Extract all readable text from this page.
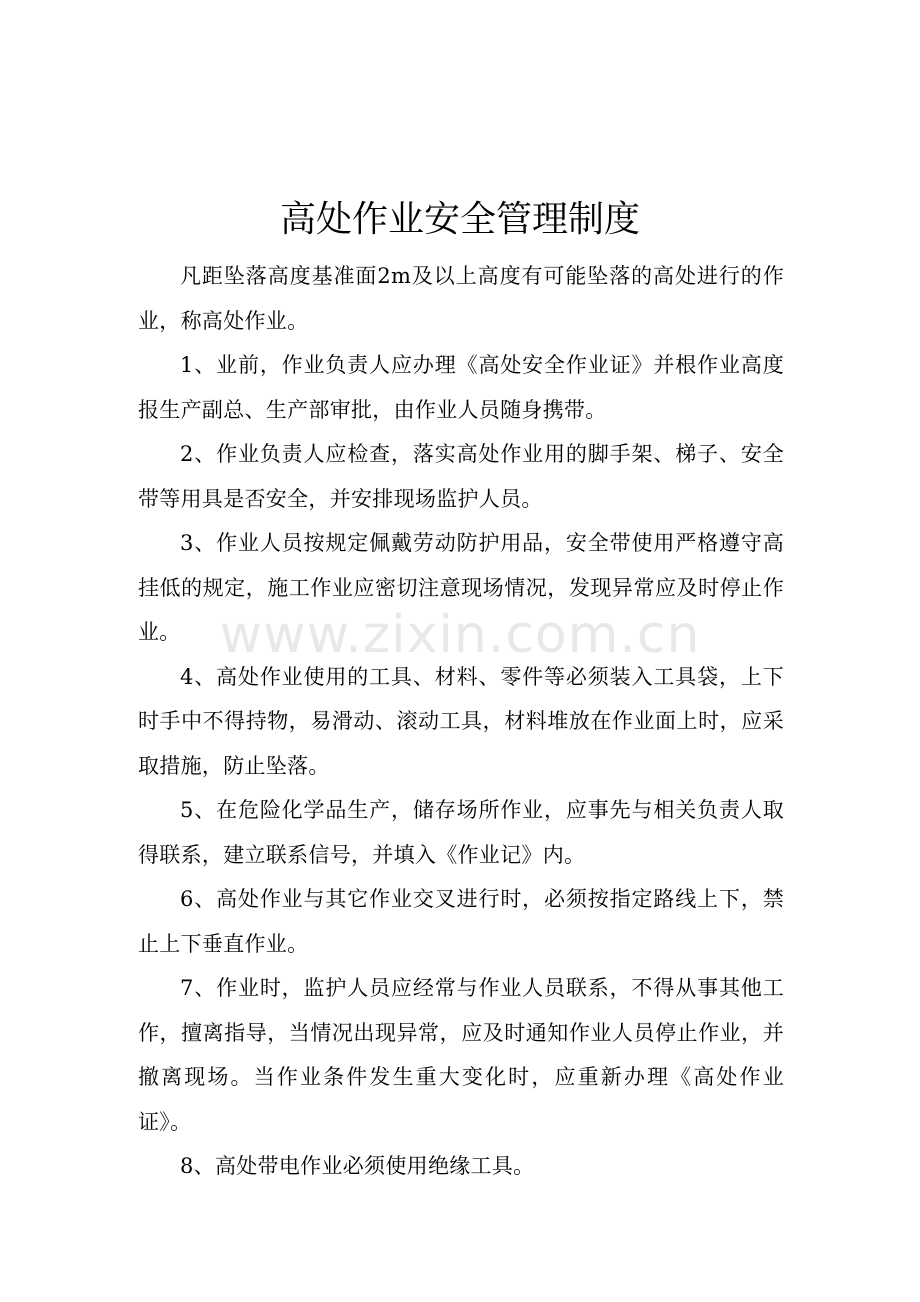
高处作业安全管理制度

凡距坠落高度基准面2m及以上高度有可能坠落的高处进行的作业，称高处作业。

1、业前，作业负责人应办理《高处安全作业证》并根作业高度报生产副总、生产部审批，由作业人员随身携带。

2、作业负责人应检查，落实高处作业用的脚手架、梯子、安全带等用具是否安全，并安排现场监护人员。

3、作业人员按规定佩戴劳动防护用品，安全带使用严格遵守高挂低的规定，施工作业应密切注意现场情况，发现异常应及时停止作业。

4、高处作业使用的工具、材料、零件等必须装入工具袋，上下时手中不得持物，易滑动、滚动工具，材料堆放在作业面上时，应采取措施，防止坠落。

5、在危险化学品生产，储存场所作业，应事先与相关负责人取得联系，建立联系信号，并填入《作业记》内。

6、高处作业与其它作业交叉进行时，必须按指定路线上下，禁止上下垂直作业。

7、作业时，监护人员应经常与作业人员联系，不得从事其他工作，擅离指导，当情况出现异常，应及时通知作业人员停止作业，并撤离现场。当作业条件发生重大变化时，应重新办理《高处作业证》。

8、高处带电作业必须使用绝缘工具。

www.zixin.com.cn
